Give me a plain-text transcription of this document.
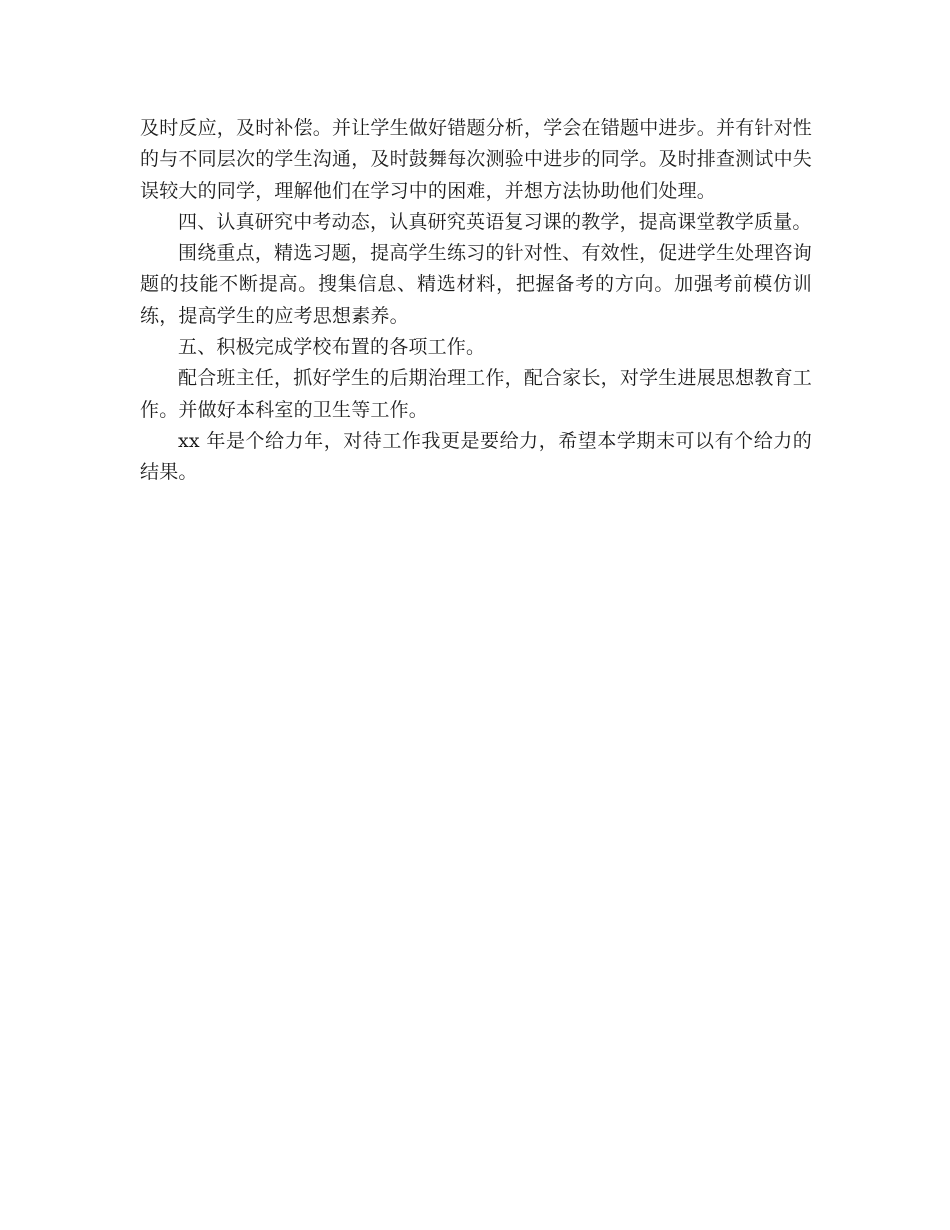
及时反应，及时补偿。并让学生做好错题分析，学会在错题中进步。并有针对性的与不同层次的学生沟通，及时鼓舞每次测验中进步的同学。及时排查测试中失误较大的同学，理解他们在学习中的困难，并想方法协助他们处理。

四、认真研究中考动态，认真研究英语复习课的教学，提高课堂教学质量。

围绕重点，精选习题，提高学生练习的针对性、有效性，促进学生处理咨询题的技能不断提高。搜集信息、精选材料，把握备考的方向。加强考前模仿训练，提高学生的应考思想素养。

五、积极完成学校布置的各项工作。

配合班主任，抓好学生的后期治理工作，配合家长，对学生进展思想教育工作。并做好本科室的卫生等工作。

xx 年是个给力年，对待工作我更是要给力，希望本学期末可以有个给力的结果。
